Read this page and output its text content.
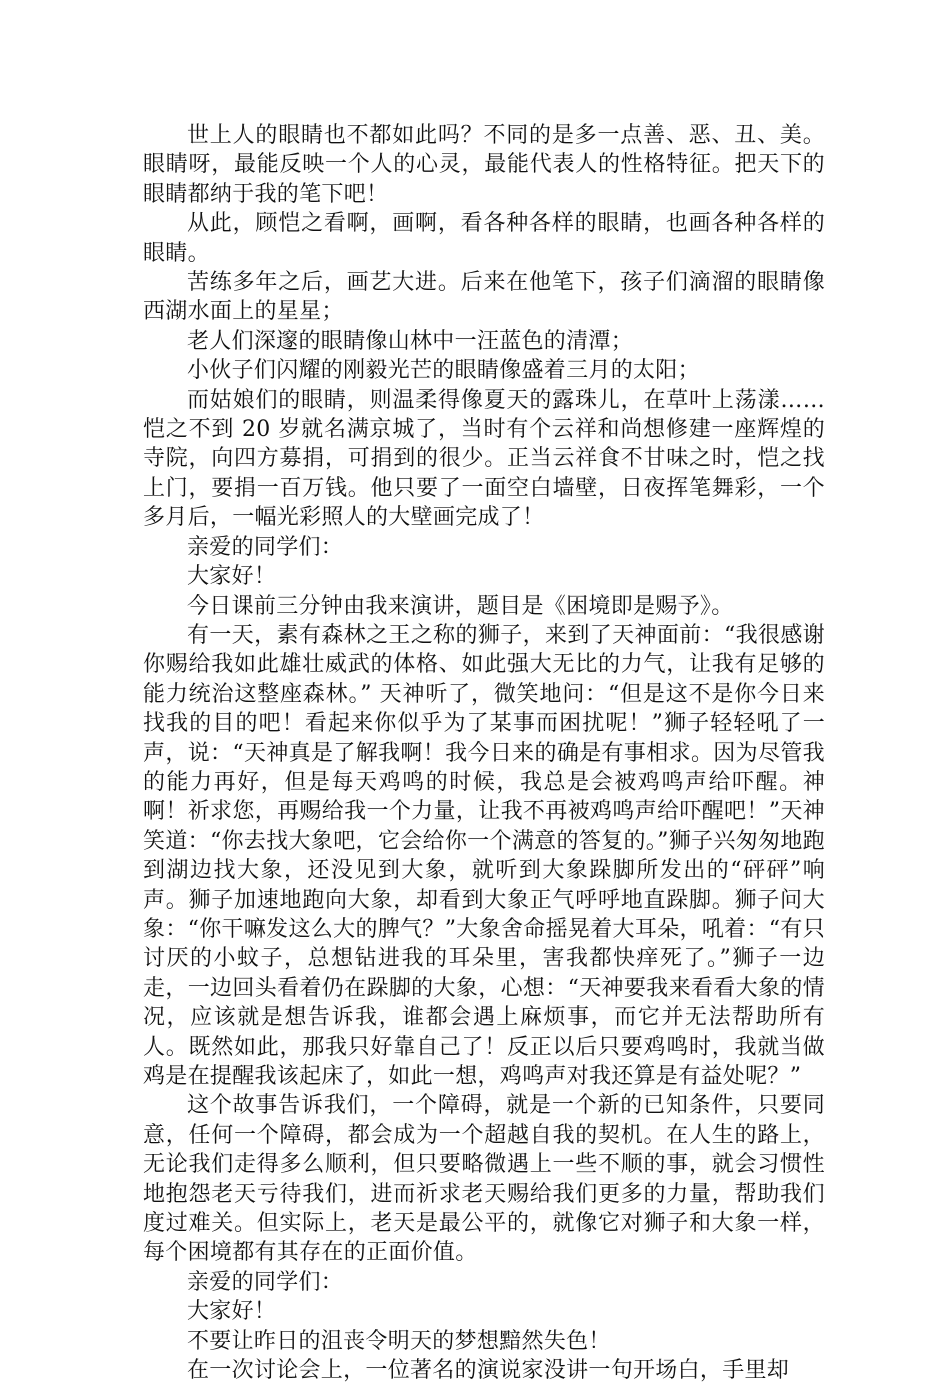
世上人的眼睛也不都如此吗？不同的是多一点善、恶、丑、美。眼睛呀，最能反映一个人的心灵，最能代表人的性格特征。把天下的眼睛都纳于我的笔下吧！

从此，顾恺之看啊，画啊，看各种各样的眼睛，也画各种各样的眼睛。

苦练多年之后，画艺大进。后来在他笔下，孩子们滴溜的眼睛像西湖水面上的星星；

老人们深邃的眼睛像山林中一汪蓝色的清潭；

小伙子们闪耀的刚毅光芒的眼睛像盛着三月的太阳；

而姑娘们的眼睛，则温柔得像夏天的露珠儿，在草叶上荡漾……恺之不到 20 岁就名满京城了，当时有个云祥和尚想修建一座辉煌的寺院，向四方募捐，可捐到的很少。正当云祥食不甘味之时，恺之找上门，要捐一百万钱。他只要了一面空白墙壁，日夜挥笔舞彩，一个多月后，一幅光彩照人的大壁画完成了！

亲爱的同学们：

大家好！

今日课前三分钟由我来演讲，题目是《困境即是赐予》。

有一天，素有森林之王之称的狮子，来到了天神面前：“我很感谢你赐给我如此雄壮威武的体格、如此强大无比的力气，让我有足够的能力统治这整座森林。” 天神听了，微笑地问：“但是这不是你今日来找我的目的吧！看起来你似乎为了某事而困扰呢！”狮子轻轻吼了一声，说：“天神真是了解我啊！我今日来的确是有事相求。因为尽管我的能力再好，但是每天鸡鸣的时候，我总是会被鸡鸣声给吓醒。神啊！祈求您，再赐给我一个力量，让我不再被鸡鸣声给吓醒吧！”天神笑道：“你去找大象吧，它会给你一个满意的答复的。”狮子兴匆匆地跑到湖边找大象，还没见到大象，就听到大象跺脚所发出的“砰砰”响声。狮子加速地跑向大象，却看到大象正气呼呼地直跺脚。狮子问大象：“你干嘛发这么大的脾气？”大象舍命摇晃着大耳朵，吼着：“有只讨厌的小蚊子，总想钻进我的耳朵里，害我都快痒死了。”狮子一边走，一边回头看着仍在跺脚的大象，心想：“天神要我来看看大象的情况，应该就是想告诉我，谁都会遇上麻烦事，而它并无法帮助所有人。既然如此，那我只好靠自己了！反正以后只要鸡鸣时，我就当做鸡是在提醒我该起床了，如此一想，鸡鸣声对我还算是有益处呢？”

这个故事告诉我们，一个障碍，就是一个新的已知条件，只要同意，任何一个障碍，都会成为一个超越自我的契机。在人生的路上，无论我们走得多么顺利，但只要略微遇上一些不顺的事，就会习惯性地抱怨老天亏待我们，进而祈求老天赐给我们更多的力量，帮助我们度过难关。但实际上，老天是最公平的，就像它对狮子和大象一样，每个困境都有其存在的正面价值。

亲爱的同学们：

大家好！

不要让昨日的沮丧令明天的梦想黯然失色！

在一次讨论会上，一位著名的演说家没讲一句开场白，手里却
